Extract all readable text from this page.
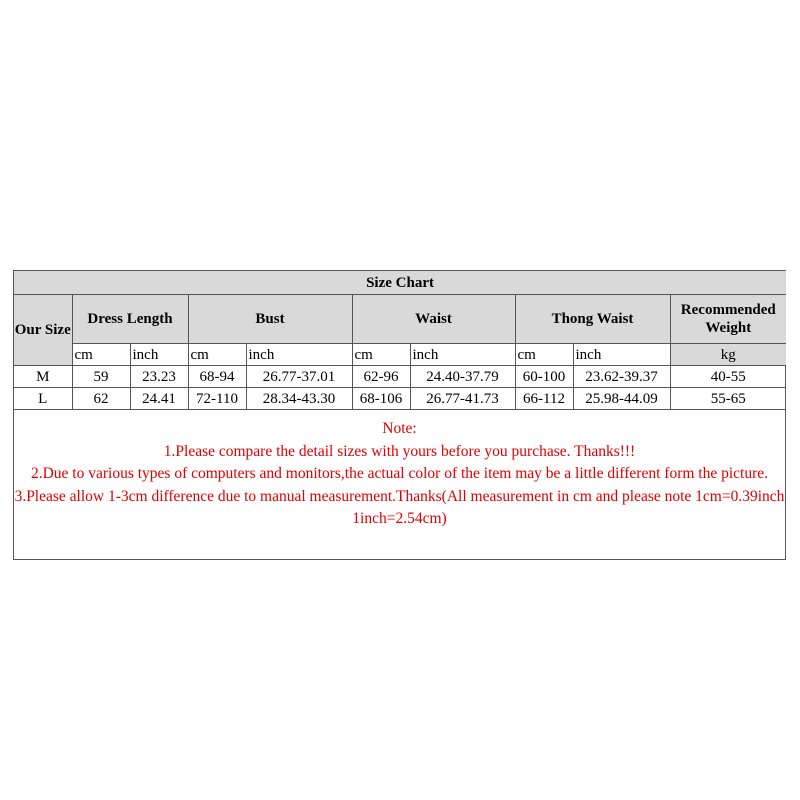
Size Chart									
Our Size	Dress Length		Bust		Waist		Thong Waist		Recommended Weight
	cm	inch	cm	inch	cm	inch	cm	inch	kg
M	59	23.23	68-94	26.77-37.01	62-96	24.40-37.79	60-100	23.62-39.37	40-55
L	62	24.41	72-110	28.34-43.30	68-106	26.77-41.73	66-112	25.98-44.09	55-65
Note:
1.Please compare the detail sizes with yours before you purchase. Thanks!!!
2.Due to various types of computers and monitors,the actual color of the item may be a little different form the picture.
3.Please allow 1-3cm difference due to manual measurement.Thanks(All measurement in cm and please note 1cm=0.39inch 1inch=2.54cm)
